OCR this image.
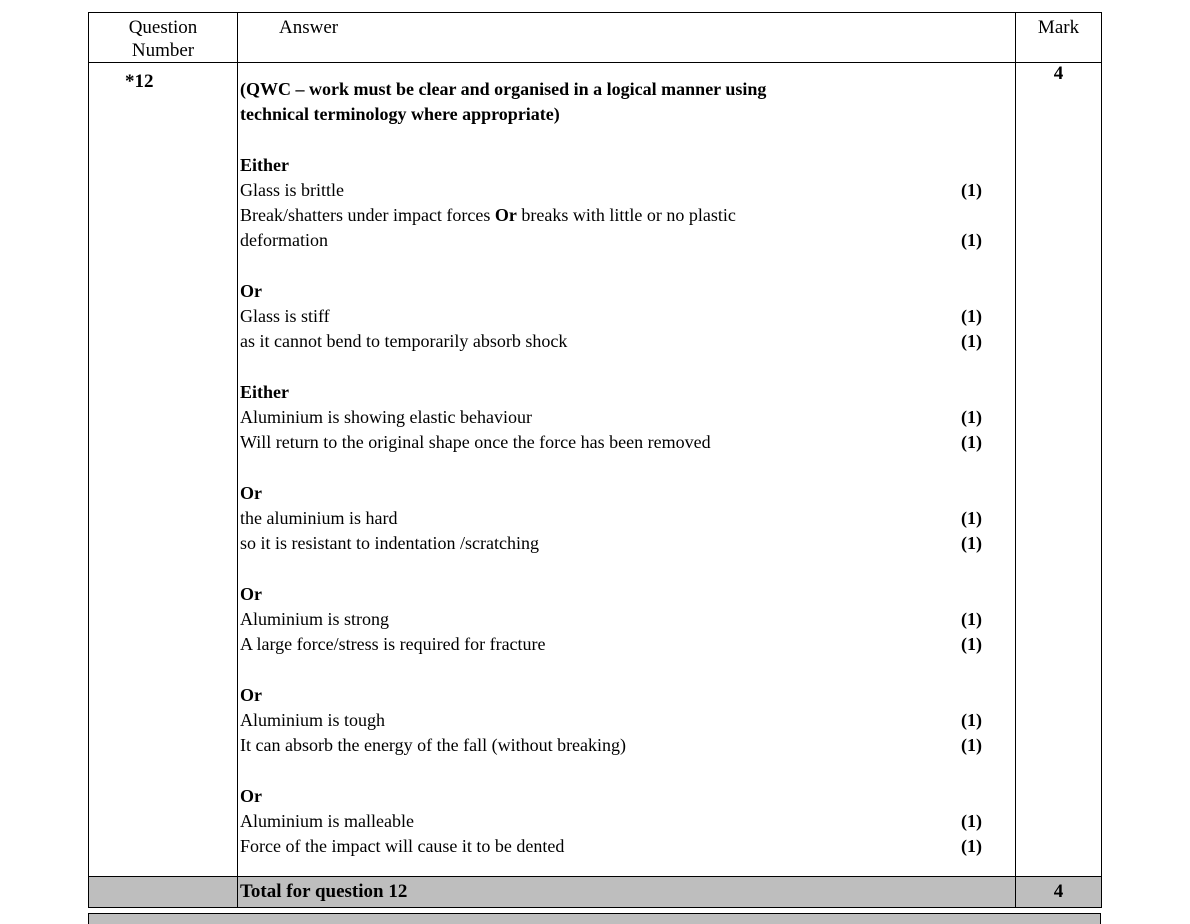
Question Number	Answer	Mark
*12	(QWC – work must be clear and organised in a logical manner using
technical terminology where appropriate)
Either
Glass is brittle	(1)
Break/shatters under impact forces Or breaks with little or no plastic
deformation	(1)
Or
Glass is stiff	(1)
as it cannot bend to temporarily absorb shock	(1)
Either
Aluminium is showing elastic behaviour	(1)
Will return to the original shape once the force has been removed	(1)
Or
the aluminium is hard	(1)
so it is resistant to indentation /scratching	(1)
Or
Aluminium is strong	(1)
A large force/stress is required for fracture	(1)
Or
Aluminium is tough	(1)
It can absorb the energy of the fall (without breaking)	(1)
Or
Aluminium is malleable	(1)
Force of the impact will cause it to be dented	(1)
	4
	Total for question 12	4
